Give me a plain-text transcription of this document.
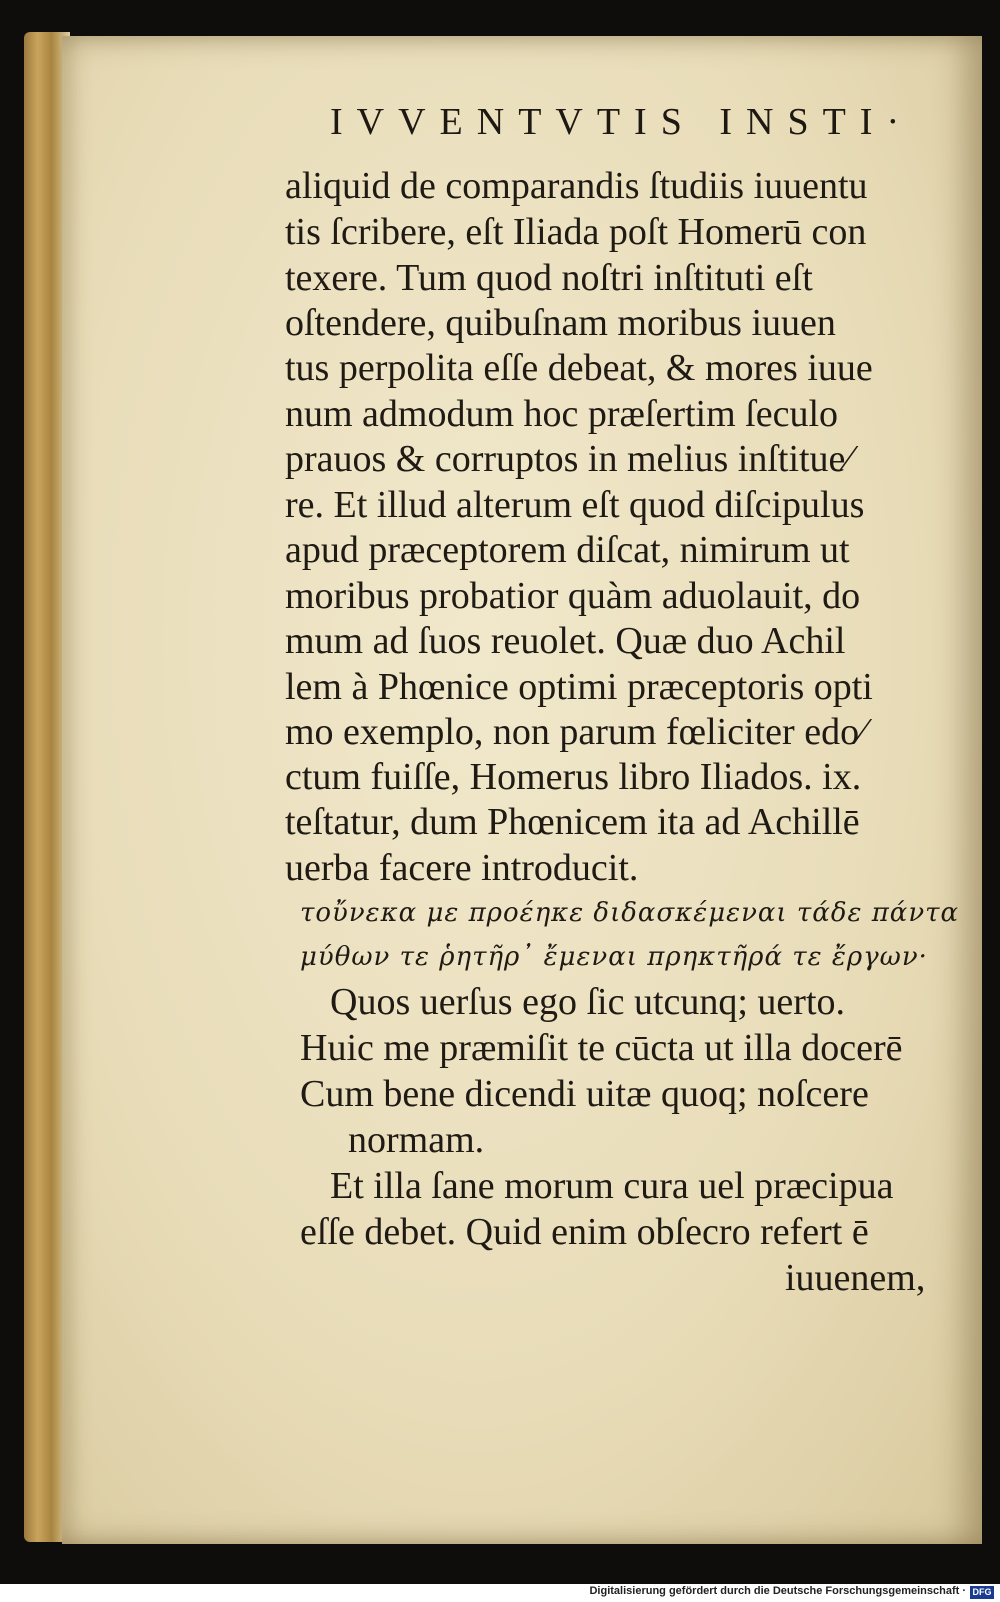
IVVENTVTIS INSTI·
aliquid de comparandis ſtudiis iuuentu
tis ſcribere, eſt Iliada poſt Homerū con
texere. Tum quod noſtri inſtituti eſt
oſtendere, quibuſnam moribus iuuen
tus perpolita eſſe debeat, & mores iuue
num admodum hoc præſertim ſeculo
prauos & corruptos in melius inſtitue⁄
re. Et illud alterum eſt quod diſcipulus
apud præceptorem diſcat, nimirum ut
moribus probatior quàm aduolauit, do
mum ad ſuos reuolet. Quæ duo Achil
lem à Phœnice optimi præceptoris opti
mo exemplo, non parum fœliciter edo⁄
ctum fuiſſe, Homerus libro Iliados. ix.
teſtatur, dum Phœnicem ita ad Achillē
uerba facere introducit.
τοὔνεκα με προέηκε διδασκέμεναι τάδε πάντα
μύθων τε ῥητῆρ᾽ ἔμεναι πρηκτῆρά τε ἔργων·
Quos uerſus ego ſic utcunq; uerto.
Huic me præmiſit te cūcta ut illa docerē
Cum bene dicendi uitæ quoq; noſcere
normam.
Et illa ſane morum cura uel præcipua
eſſe debet. Quid enim obſecro refert ē
iuuenem,
Digitalisierung gefördert durch die Deutsche Forschungsgemeinschaft · DFG
